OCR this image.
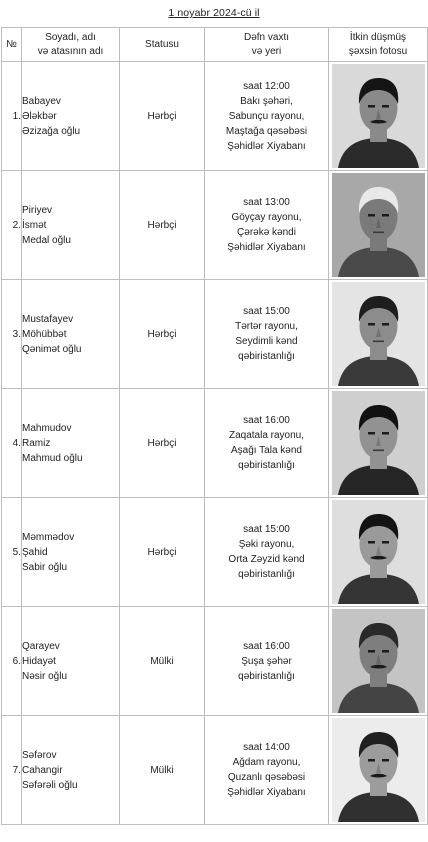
1 noyabr 2024-cü il
№	Soyadı, adı
və atasının adı	Statusu	Dəfn vaxtı
və yeri	İtkin düşmüş
şəxsin fotosu
1.	Babayev
Ələkbər
Əzizağa oğlu	Hərbçi	saat 12:00
Bakı şəhəri,
Sabunçu rayonu,
Maştağa qəsəbəsi
Şəhidlər Xiyabanı

2.	Piriyev
İsmət
Medal oğlu	Hərbçi	saat 13:00
Göyçay rayonu,
Çərəkə kəndi
Şəhidlər Xiyabanı

3.	Mustafayev
Möhübbət
Qənimət oğlu	Hərbçi	saat 15:00
Tərtər rayonu,
Seydimli kənd
qəbiristanlığı

4.	Mahmudov
Ramiz
Mahmud oğlu	Hərbçi	saat 16:00
Zaqatala rayonu,
Aşağı Tala kənd
qəbiristanlığı

5.	Məmmədov
Şahid
Sabir oğlu	Hərbçi	saat 15:00
Şəki rayonu,
Orta Zəyzid kənd
qəbiristanlığı

6.	Qarayev
Hidayət
Nəsir oğlu	Mülki	saat 16:00
Şuşa şəhər
qəbiristanlığı

7.	Səfərov
Cahangir
Səfərəli oğlu	Mülki	saat 14:00
Ağdam rayonu,
Quzanlı qəsəbəsi
Şəhidlər Xiyabanı
